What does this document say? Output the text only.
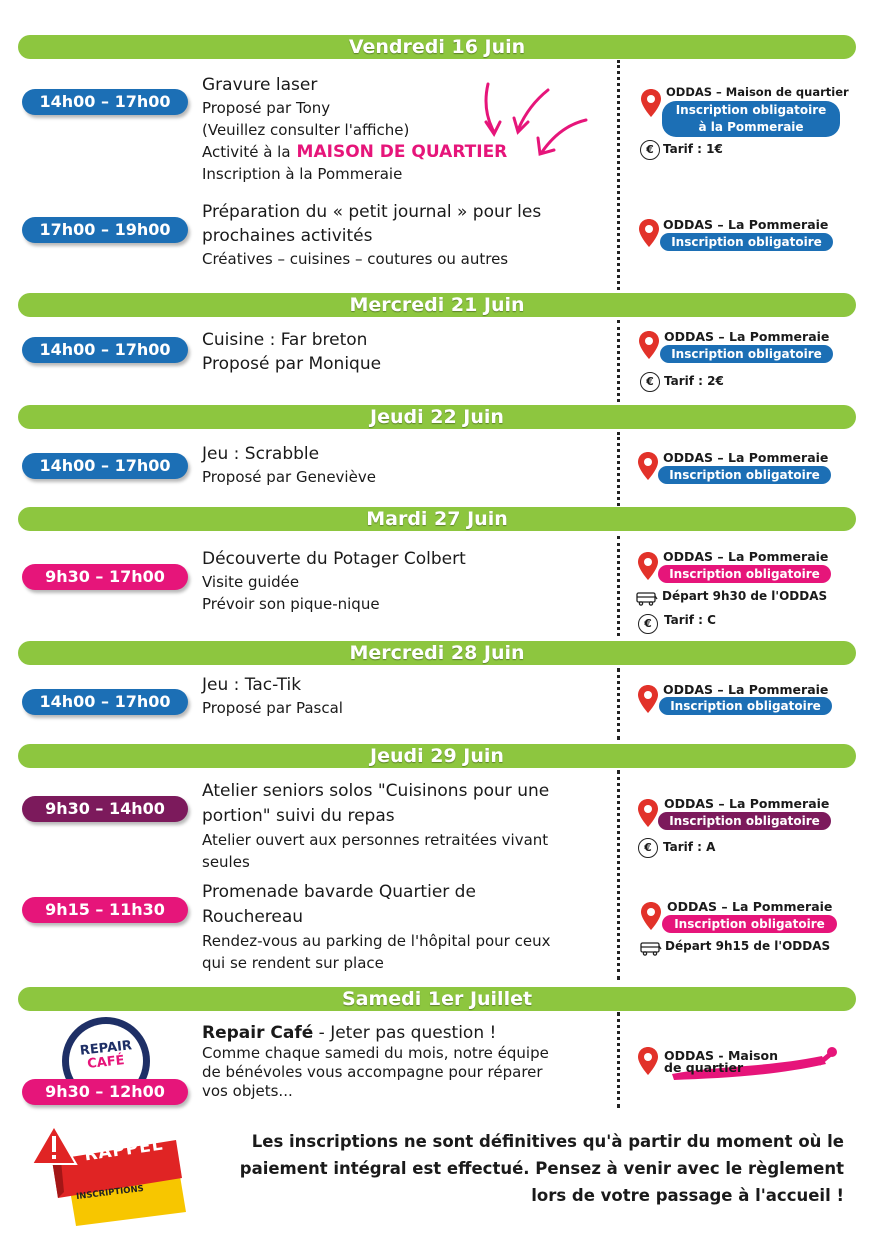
Vendredi 16 Juin
14h00 – 17h00
Gravure laser
Proposé par Tony
(Veuillez consulter l'affiche)
Activité à la MAISON DE QUARTIER
Inscription à la Pommeraie
ODDAS – Maison de quartier
Inscription obligatoire
à la Pommeraie
€ Tarif : 1€
17h00 – 19h00
Préparation du « petit journal » pour les
prochaines activités
Créatives – cuisines – coutures ou autres
ODDAS – La Pommeraie
Inscription obligatoire
Mercredi 21 Juin
14h00 – 17h00	Cuisine : Far breton
Proposé par Monique
ODDAS – La Pommeraie
Inscription obligatoire
€ Tarif : 2€
Jeudi 22 Juin
14h00 – 17h00
Jeu : Scrabble
Proposé par Geneviève
ODDAS – La Pommeraie
Inscription obligatoire
Mardi 27 Juin
9h30 – 17h00
Découverte du Potager Colbert
Visite guidée
Prévoir son pique-nique
ODDAS – La Pommeraie
Inscription obligatoire
Départ 9h30 de l'ODDAS
€	Tarif : C
Mercredi 28 Juin
14h00 – 17h00
Jeu : Tac-Tik
Proposé par Pascal
ODDAS – La Pommeraie
Inscription obligatoire
Jeudi 29 Juin
9h30 – 14h00
Atelier seniors solos "Cuisinons pour une
portion" suivi du repas
Atelier ouvert aux personnes retraitées vivant
seules
ODDAS – La Pommeraie
Inscription obligatoire
€ Tarif : A
9h15 – 11h30
Promenade bavarde Quartier de
Rouchereau
Rendez-vous au parking de l'hôpital pour ceux
qui se rendent sur place
ODDAS – La Pommeraie
Inscription obligatoire
Départ 9h15 de l'ODDAS
Samedi 1er Juillet
REPAIR
CAFÉ
9h30 – 12h00
Repair Café - Jeter pas question !
Comme chaque samedi du mois, notre équipe
de bénévoles vous accompagne pour réparer
vos objets...
ODDAS - Maison
de quartier
RAPPEL
INSCRIPTIONS
Les inscriptions ne sont définitives qu'à partir du moment où le
paiement intégral est effectué. Pensez à venir avec le règlement
lors de votre passage à l'accueil !
